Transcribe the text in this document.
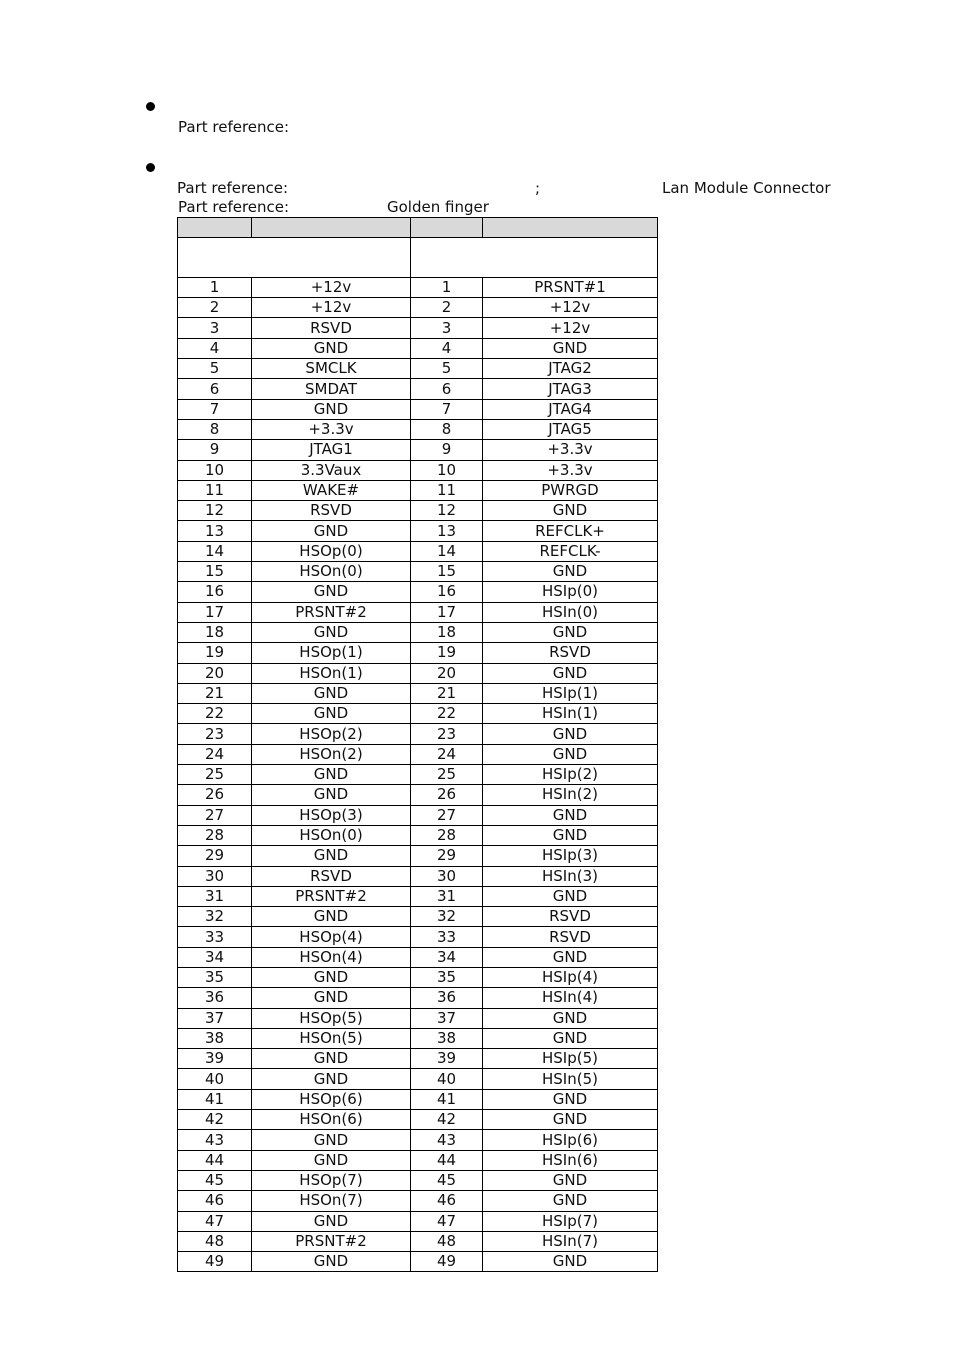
Part reference:
Part reference:	;	Lan Module Connector
Part reference:	Golden finger

1	+12v	1	PRSNT#1
2	+12v	2	+12v
3	RSVD	3	+12v
4	GND	4	GND
5	SMCLK	5	JTAG2
6	SMDAT	6	JTAG3
7	GND	7	JTAG4
8	+3.3v	8	JTAG5
9	JTAG1	9	+3.3v
10	3.3Vaux	10	+3.3v
11	WAKE#	11	PWRGD
12	RSVD	12	GND
13	GND	13	REFCLK+
14	HSOp(0)	14	REFCLK-
15	HSOn(0)	15	GND
16	GND	16	HSIp(0)
17	PRSNT#2	17	HSIn(0)
18	GND	18	GND
19	HSOp(1)	19	RSVD
20	HSOn(1)	20	GND
21	GND	21	HSIp(1)
22	GND	22	HSIn(1)
23	HSOp(2)	23	GND
24	HSOn(2)	24	GND
25	GND	25	HSIp(2)
26	GND	26	HSIn(2)
27	HSOp(3)	27	GND
28	HSOn(0)	28	GND
29	GND	29	HSIp(3)
30	RSVD	30	HSIn(3)
31	PRSNT#2	31	GND
32	GND	32	RSVD
33	HSOp(4)	33	RSVD
34	HSOn(4)	34	GND
35	GND	35	HSIp(4)
36	GND	36	HSIn(4)
37	HSOp(5)	37	GND
38	HSOn(5)	38	GND
39	GND	39	HSIp(5)
40	GND	40	HSIn(5)
41	HSOp(6)	41	GND
42	HSOn(6)	42	GND
43	GND	43	HSIp(6)
44	GND	44	HSIn(6)
45	HSOp(7)	45	GND
46	HSOn(7)	46	GND
47	GND	47	HSIp(7)
48	PRSNT#2	48	HSIn(7)
49	GND	49	GND
